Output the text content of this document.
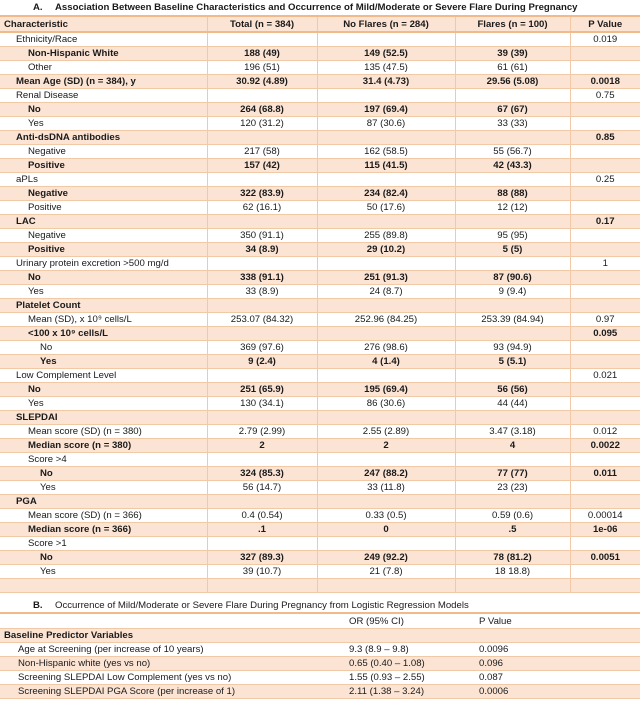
A. Association Between Baseline Characteristics and Occurrence of Mild/Moderate or Severe Flare During Pregnancy
Characteristic	Total (n = 384)	No Flares (n = 284)	Flares (n = 100)	P Value
Ethnicity/Race				0.019
Non-Hispanic White	188 (49)	149 (52.5)	39 (39)	
Other	196 (51)	135 (47.5)	61 (61)	
Mean Age (SD) (n = 384), y	30.92 (4.89)	31.4 (4.73)	29.56 (5.08)	0.0018
Renal Disease				0.75
No	264 (68.8)	197 (69.4)	67 (67)	
Yes	120 (31.2)	87 (30.6)	33 (33)	
Anti-dsDNA antibodies				0.85
Negative	217 (58)	162 (58.5)	55 (56.7)	
Positive	157 (42)	115 (41.5)	42 (43.3)	
aPLs				0.25
Negative	322 (83.9)	234 (82.4)	88 (88)	
Positive	62 (16.1)	50 (17.6)	12 (12)	
LAC				0.17
Negative	350 (91.1)	255 (89.8)	95 (95)	
Positive	34 (8.9)	29 (10.2)	5 (5)	
Urinary protein excretion >500 mg/d				1
No	338 (91.1)	251 (91.3)	87 (90.6)	
Yes	33 (8.9)	24 (8.7)	9 (9.4)	
Platelet Count				
Mean (SD), x 10⁹ cells/L	253.07 (84.32)	252.96 (84.25)	253.39 (84.94)	0.97
<100 x 10⁹ cells/L				0.095
No	369 (97.6)	276 (98.6)	93 (94.9)	
Yes	9 (2.4)	4 (1.4)	5 (5.1)	
Low Complement Level				0.021
No	251 (65.9)	195 (69.4)	56 (56)	
Yes	130 (34.1)	86 (30.6)	44 (44)	
SLEPDAI				
Mean score (SD) (n = 380)	2.79 (2.99)	2.55 (2.89)	3.47 (3.18)	0.012
Median score (n = 380)	2	2	4	0.0022
Score >4				
No	324 (85.3)	247 (88.2)	77 (77)	0.011
Yes	56 (14.7)	33 (11.8)	23 (23)	
PGA				
Mean score (SD) (n = 366)	0.4 (0.54)	0.33 (0.5)	0.59 (0.6)	0.00014
Median score (n = 366)	.1	0	.5	1e-06
Score >1				
No	327 (89.3)	249 (92.2)	78 (81.2)	0.0051
Yes	39 (10.7)	21 (7.8)	18 18.8)	

B. Occurrence of Mild/Moderate or Severe Flare During Pregnancy from Logistic Regression Models
	OR (95% CI)	P Value
Baseline Predictor Variables		
Age at Screening (per increase of 10 years)	9.3 (8.9 – 9.8)	0.0096
Non-Hispanic white (yes vs no)	0.65 (0.40 – 1.08)	0.096
Screening SLEPDAI Low Complement (yes vs no)	1.55 (0.93 – 2.55)	0.087
Screening SLEPDAI PGA Score (per increase of 1)	2.11 (1.38 – 3.24)	0.0006
